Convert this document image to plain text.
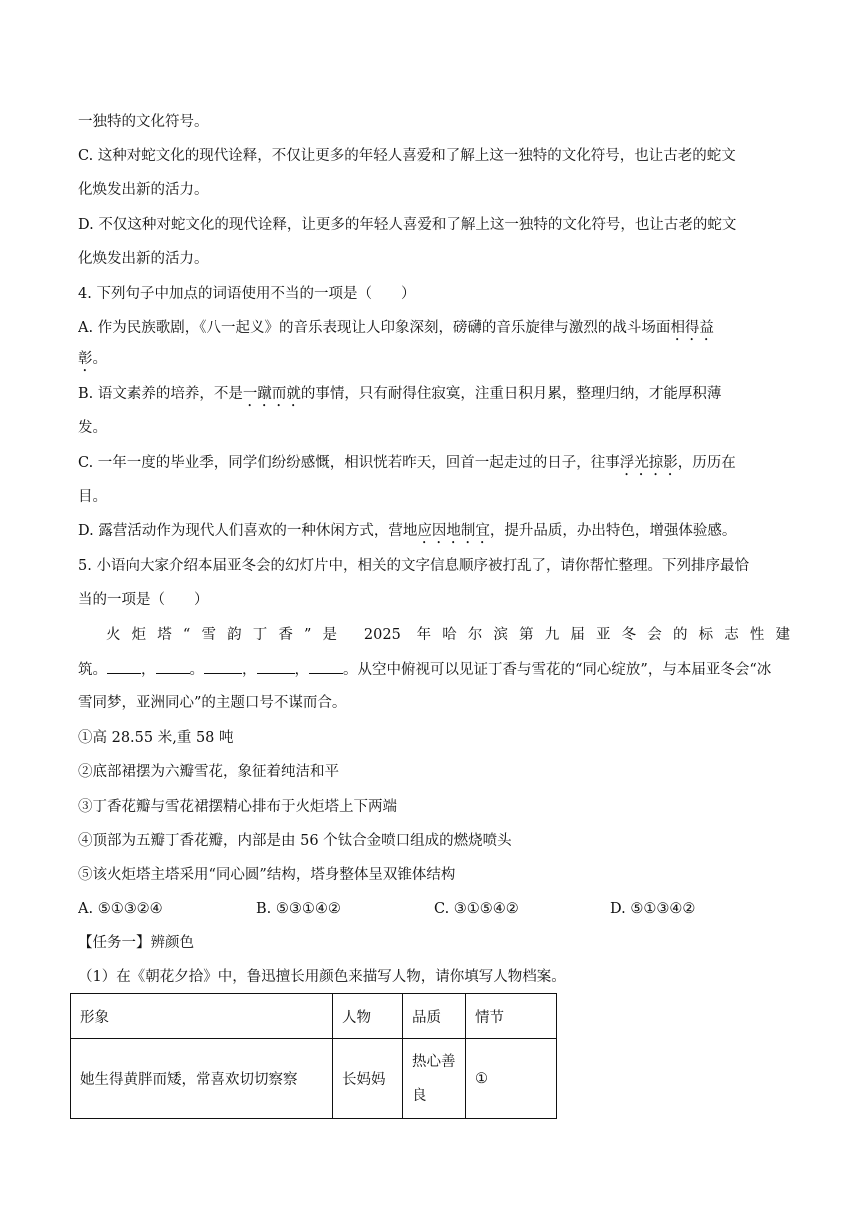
一独特的文化符号。
C. 这种对蛇文化的现代诠释，不仅让更多的年轻人喜爱和了解上这一独特的文化符号，也让古老的蛇文
化焕发出新的活力。
D. 不仅这种对蛇文化的现代诠释，让更多的年轻人喜爱和了解上这一独特的文化符号，也让古老的蛇文
化焕发出新的活力。
4. 下列句子中加点的词语使用不当的一项是（　　）
A. 作为民族歌剧，《八一起义》的音乐表现让人印象深刻，磅礴的音乐旋律与激烈的战斗场面相得益
彰。
B. 语文素养的培养，不是一蹴而就的事情，只有耐得住寂寞，注重日积月累，整理归纳，才能厚积薄
发。
C. 一年一度的毕业季，同学们纷纷感慨，相识恍若昨天，回首一起走过的日子，往事浮光掠影，历历在
目。
D. 露营活动作为现代人们喜欢的一种休闲方式，营地应因地制宜，提升品质，办出特色，增强体验感。
5. 小语向大家介绍本届亚冬会的幻灯片中，相关的文字信息顺序被打乱了，请你帮忙整理。下列排序最恰
当的一项是（　　）
火炬塔“雪韵丁香”是 2025 年哈尔滨第九届亚冬会的标志性建
筑。 ， 。	，	， 。从空中俯视可以见证丁香与雪花的“同心绽放”，与本届亚冬会“冰
雪同梦，亚洲同心”的主题口号不谋而合。
①高 28.55 米,重 58 吨
②底部裙摆为六瓣雪花，象征着纯洁和平
③丁香花瓣与雪花裙摆精心排布于火炬塔上下两端
④顶部为五瓣丁香花瓣，内部是由 56 个钛合金喷口组成的燃烧喷头
⑤该火炬塔主塔采用“同心圆”结构，塔身整体呈双锥体结构
A. ⑤①③②④	B. ⑤③①④②	C. ③①⑤④②	D. ⑤①③④②
【任务一】辨颜色
（1）在《朝花夕拾》中，鲁迅擅长用颜色来描写人物，请你填写人物档案。
形象	人物	品质	情节
她生得黄胖而矮，常喜欢切切察察	长妈妈	热心善良	①
